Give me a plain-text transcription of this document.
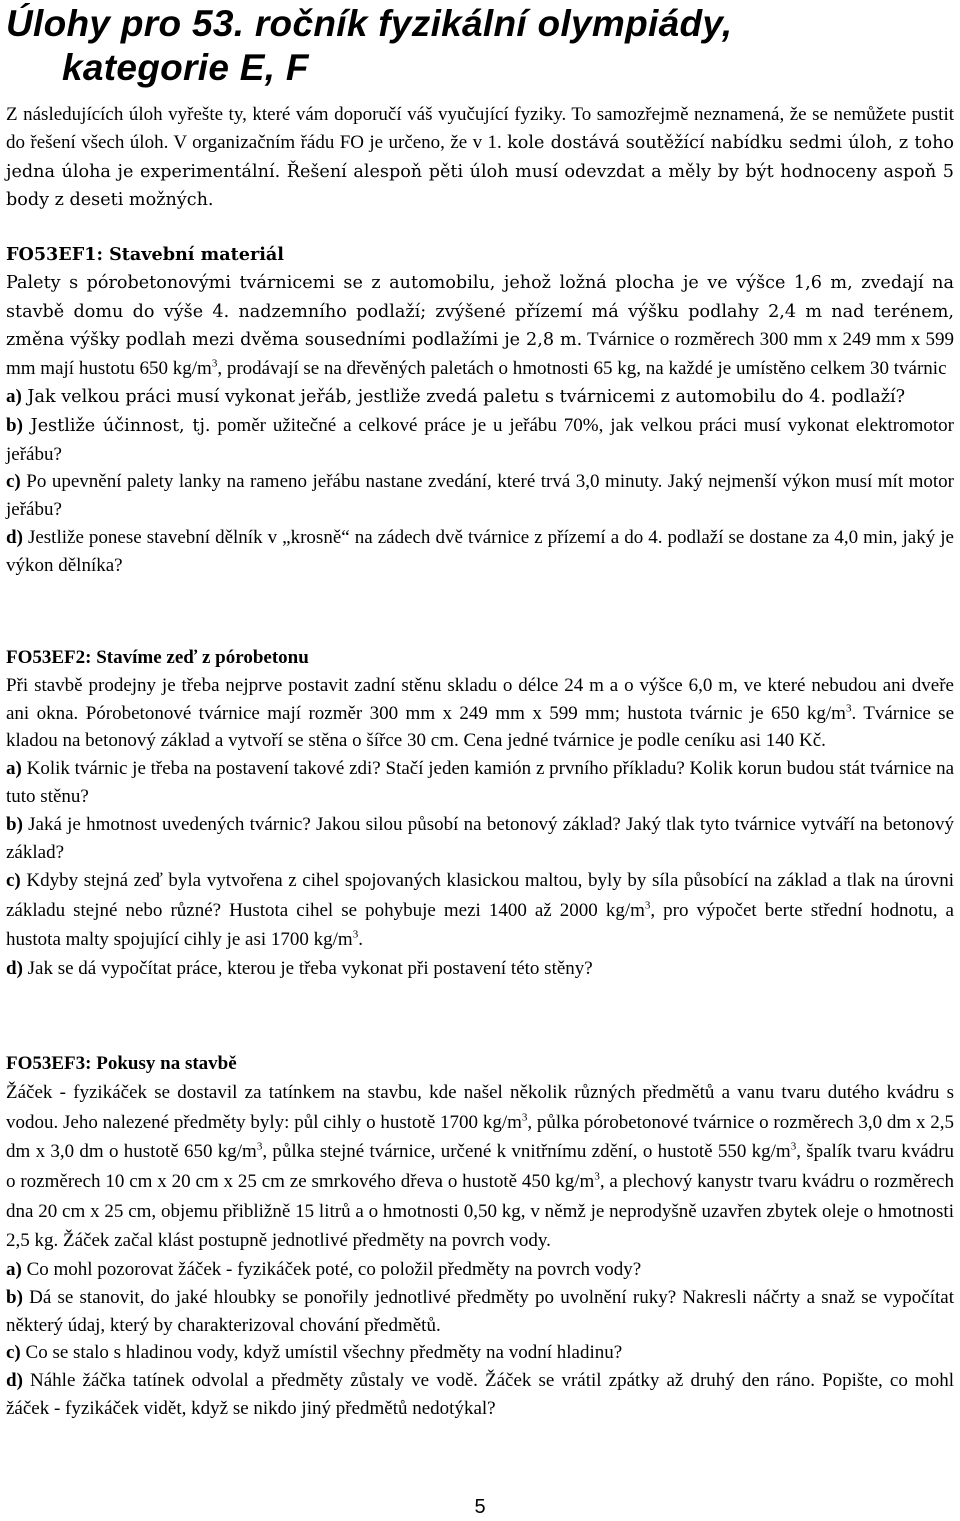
Úlohy pro 53. ročník fyzikální olympiády,
kategorie E, F

Z následujících úloh vyřešte ty, které vám doporučí váš vyučující fyziky. To samozřejmě neznamená, že se nemůžete pustit do řešení všech úloh. V organizačním řádu FO je určeno, že v 1. kole dostává soutěžící nabídku sedmi úloh, z toho jedna úloha je experimentální. Řešení alespoň pěti úloh musí odevzdat a měly by být hodnoceny aspoň 5 body z deseti možných.

FO53EF1: Stavební materiál

Palety s pórobetonovými tvárnicemi se z automobilu, jehož ložná plocha je ve výšce 1,6 m, zvedají na stavbě domu do výše 4. nadzemního podlaží; zvýšené přízemí má výšku podlahy 2,4 m nad terénem, změna výšky podlah mezi dvěma sousedními podlažími je 2,8 m. Tvárnice o rozměrech 300 mm x 249 mm x 599 mm mají hustotu 650 $kg/m^3$, prodávají se na dřevěných paletách o hmotnosti 65 kg, na každé je umístěno celkem 30 tvárnic

a) Jak velkou práci musí vykonat jeřáb, jestliže zvedá paletu s tvárnicemi z automobilu do 4. podlaží?

b) Jestliže účinnost, tj. poměr užitečné a celkové práce je u jeřábu 70%, jak velkou práci musí vykonat elektromotor jeřábu?

c) Po upevnění palety lanky na rameno jeřábu nastane zvedání, které trvá 3,0 minuty. Jaký nejmenší výkon musí mít motor jeřábu?

d) Jestliže ponese stavební dělník v „krosně“ na zádech dvě tvárnice z přízemí a do 4. podlaží se dostane za 4,0 min, jaký je výkon dělníka?

FO53EF2: Stavíme zeď z pórobetonu

Při stavbě prodejny je třeba nejprve postavit zadní stěnu skladu o délce 24 m a o výšce 6,0 m, ve které nebudou ani dveře ani okna. Pórobetonové tvárnice mají rozměr 300 mm x 249 mm x 599 mm; hustota tvárnic je 650 $kg/m^3$. Tvárnice se kladou na betonový základ a vytvoří se stěna o šířce 30 cm. Cena jedné tvárnice je podle ceníku asi 140 Kč.

a) Kolik tvárnic je třeba na postavení takové zdi? Stačí jeden kamión z prvního příkladu? Kolik korun budou stát tvárnice na tuto stěnu?

b) Jaká je hmotnost uvedených tvárnic? Jakou silou působí na betonový základ? Jaký tlak tyto tvárnice vytváří na betonový základ?

c) Kdyby stejná zeď byla vytvořena z cihel spojovaných klasickou maltou, byly by síla působící na základ a tlak na úrovni základu stejné nebo různé? Hustota cihel se pohybuje mezi 1400 až 2000 $kg/m^3$, pro výpočet berte střední hodnotu, a hustota malty spojující cihly je asi 1700 $kg/m^3$.

d) Jak se dá vypočítat práce, kterou je třeba vykonat při postavení této stěny?

FO53EF3: Pokusy na stavbě

Žáček - fyzikáček se dostavil za tatínkem na stavbu, kde našel několik různých předmětů a vanu tvaru dutého kvádru s vodou. Jeho nalezené předměty byly: půl cihly o hustotě 1700 $kg/m^3$, půlka pórobetonové tvárnice o rozměrech 3,0 dm x 2,5 dm x 3,0 dm o hustotě 650 $kg/m^3$, půlka stejné tvárnice, určené k vnitřnímu zdění, o hustotě 550 $kg/m^3$, špalík tvaru kvádru o rozměrech 10 cm x 20 cm x 25 cm ze smrkového dřeva o hustotě 450 $kg/m^3$, a plechový kanystr tvaru kvádru o rozměrech dna 20 cm x 25 cm, objemu přibližně 15 litrů a o hmotnosti 0,50 kg, v němž je neprodyšně uzavřen zbytek oleje o hmotnosti 2,5 kg. Žáček začal klást postupně jednotlivé předměty na povrch vody.

a) Co mohl pozorovat žáček - fyzikáček poté, co položil předměty na povrch vody?

b) Dá se stanovit, do jaké hloubky se ponořily jednotlivé předměty po uvolnění ruky? Nakresli náčrty a snaž se vypočítat některý údaj, který by charakterizoval chování předmětů.

c) Co se stalo s hladinou vody, když umístil všechny předměty na vodní hladinu?

d) Náhle žáčka tatínek odvolal a předměty zůstaly ve vodě. Žáček se vrátil zpátky až druhý den ráno. Popište, co mohl žáček - fyzikáček vidět, když se nikdo jiný předmětů nedotýkal?

5
